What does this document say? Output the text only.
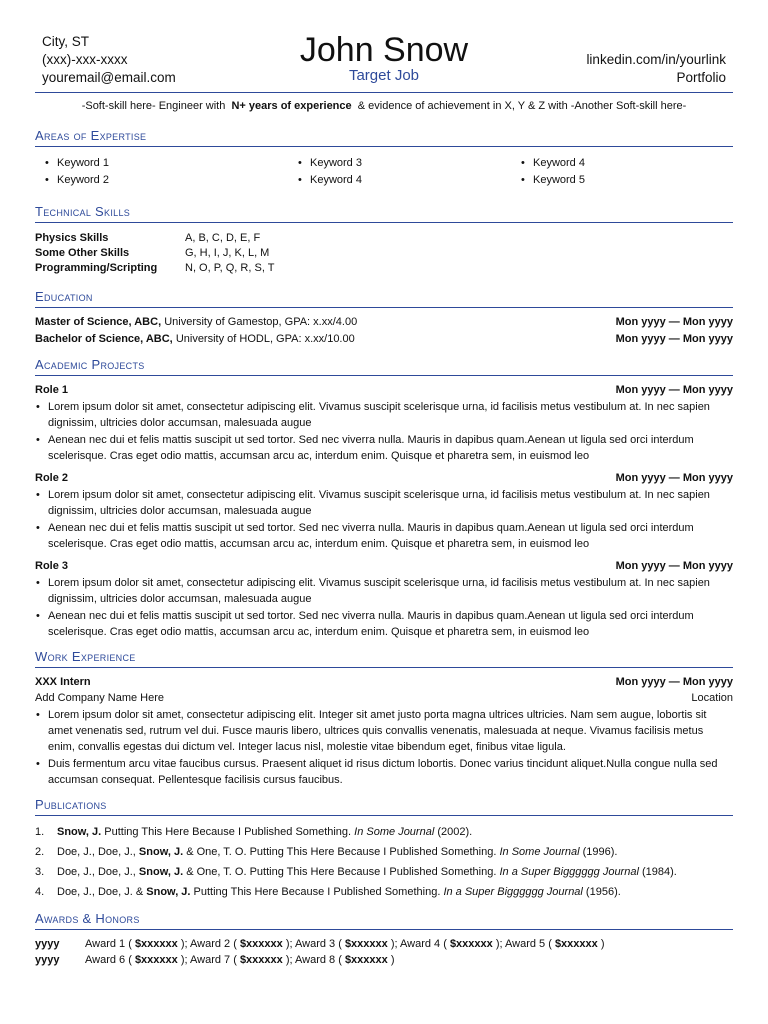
City, ST
(xxx)-xxx-xxxx
youremail@email.com
John Snow
Target Job
linkedin.com/in/yourlink
Portfolio
-Soft-skill here- Engineer with N+ years of experience & evidence of achievement in X, Y & Z with -Another Soft-skill here-
Areas of Expertise
• Keyword 1
• Keyword 2
• Keyword 3
• Keyword 4
• Keyword 4
• Keyword 5
Technical Skills
Physics Skills	A, B, C, D, E, F
Some Other Skills	G, H, I, J, K, L, M
Programming/Scripting	N, O, P, Q, R, S, T
Education
Master of Science, ABC, University of Gamestop, GPA: x.xx/4.00	Mon yyyy — Mon yyyy
Bachelor of Science, ABC, University of HODL, GPA: x.xx/10.00	Mon yyyy — Mon yyyy
Academic Projects
Role 1	Mon yyyy — Mon yyyy
• Lorem ipsum dolor sit amet, consectetur adipiscing elit. Vivamus suscipit scelerisque urna, id facilisis metus vestibulum at. In nec sapien dignissim, ultricies dolor accumsan, malesuada augue
• Aenean nec dui et felis mattis suscipit ut sed tortor. Sed nec viverra nulla. Mauris in dapibus quam.Aenean ut ligula sed orci interdum scelerisque. Cras eget odio mattis, accumsan arcu ac, interdum enim. Quisque et pharetra sem, in euismod leo
Role 2	Mon yyyy — Mon yyyy
• Lorem ipsum dolor sit amet, consectetur adipiscing elit. Vivamus suscipit scelerisque urna, id facilisis metus vestibulum at. In nec sapien dignissim, ultricies dolor accumsan, malesuada augue
• Aenean nec dui et felis mattis suscipit ut sed tortor. Sed nec viverra nulla. Mauris in dapibus quam.Aenean ut ligula sed orci interdum scelerisque. Cras eget odio mattis, accumsan arcu ac, interdum enim. Quisque et pharetra sem, in euismod leo
Role 3	Mon yyyy — Mon yyyy
• Lorem ipsum dolor sit amet, consectetur adipiscing elit. Vivamus suscipit scelerisque urna, id facilisis metus vestibulum at. In nec sapien dignissim, ultricies dolor accumsan, malesuada augue
• Aenean nec dui et felis mattis suscipit ut sed tortor. Sed nec viverra nulla. Mauris in dapibus quam.Aenean ut ligula sed orci interdum scelerisque. Cras eget odio mattis, accumsan arcu ac, interdum enim. Quisque et pharetra sem, in euismod leo
Work Experience
XXX Intern	Mon yyyy — Mon yyyy
Add Company Name Here	Location
• Lorem ipsum dolor sit amet, consectetur adipiscing elit. Integer sit amet justo porta magna ultrices ultricies. Nam sem augue, lobortis sit amet venenatis sed, rutrum vel dui. Fusce mauris libero, ultrices quis convallis venenatis, malesuada at neque. Vivamus facilisis metus enim, convallis egestas dui dictum vel. Integer lacus nisl, molestie vitae bibendum eget, finibus vitae ligula.
• Duis fermentum arcu vitae faucibus cursus. Praesent aliquet id risus dictum lobortis. Donec varius tincidunt aliquet.Nulla congue nulla sed accumsan consequat. Pellentesque facilisis cursus faucibus.
Publications
1.	Snow, J. Putting This Here Because I Published Something. In Some Journal (2002).
2.	Doe, J., Doe, J., Snow, J. & One, T. O. Putting This Here Because I Published Something. In Some Journal (1996).
3.	Doe, J., Doe, J., Snow, J. & One, T. O. Putting This Here Because I Published Something. In a Super Bigggggg Journal (1984).
4.	Doe, J., Doe, J. & Snow, J. Putting This Here Because I Published Something. In a Super Bigggggg Journal (1956).
Awards & Honors
yyyy	Award 1 ( $xxxxxx ); Award 2 ( $xxxxxx ); Award 3 ( $xxxxxx ); Award 4 ( $xxxxxx ); Award 5 ( $xxxxxx )
yyyy	Award 6 ( $xxxxxx ); Award 7 ( $xxxxxx ); Award 8 ( $xxxxxx )
